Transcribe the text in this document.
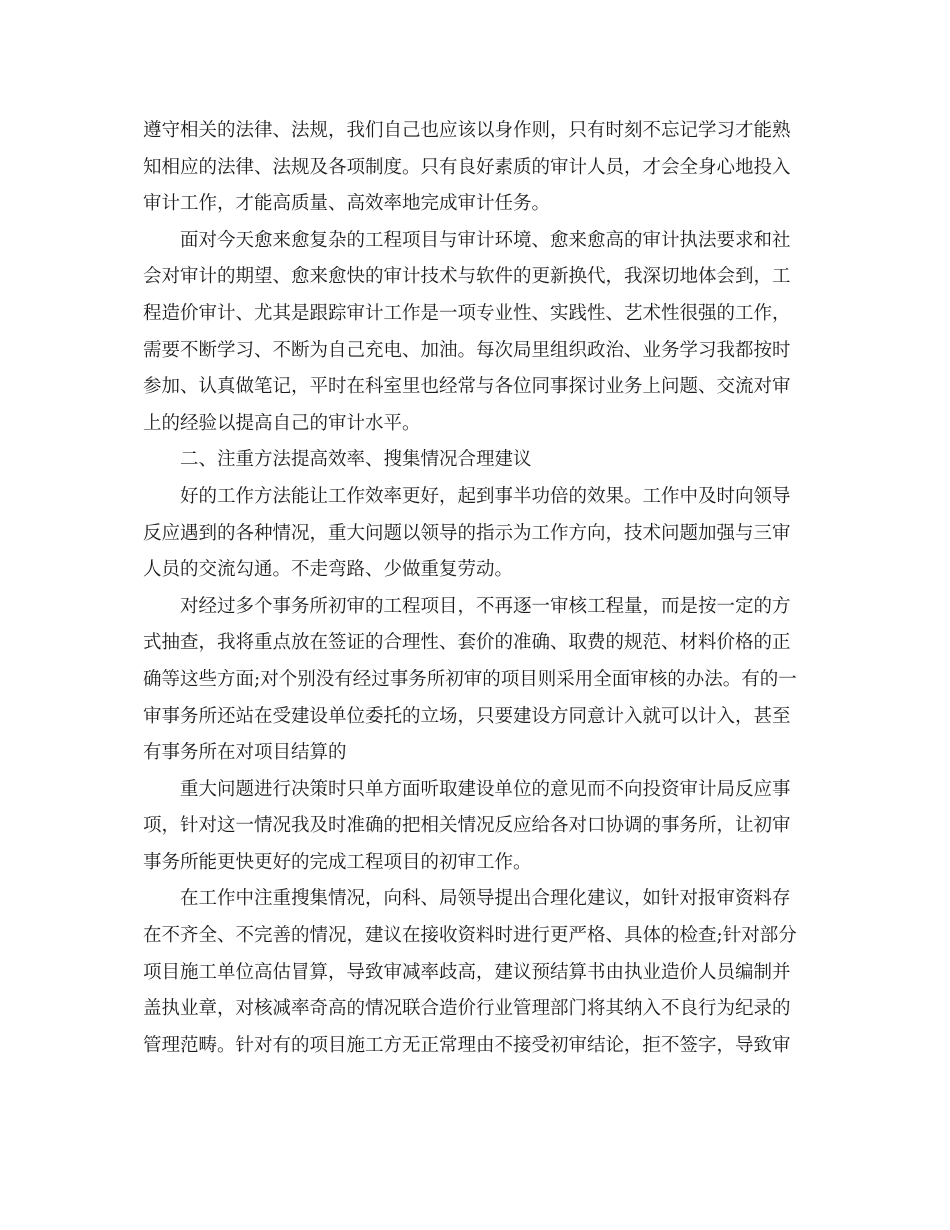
遵守相关的法律、法规，我们自己也应该以身作则，只有时刻不忘记学习才能熟
知相应的法律、法规及各项制度。只有良好素质的审计人员，才会全身心地投入
审计工作，才能高质量、高效率地完成审计任务。
面对今天愈来愈复杂的工程项目与审计环境、愈来愈高的审计执法要求和社
会对审计的期望、愈来愈快的审计技术与软件的更新换代，我深切地体会到，工
程造价审计、尤其是跟踪审计工作是一项专业性、实践性、艺术性很强的工作，
需要不断学习、不断为自己充电、加油。每次局里组织政治、业务学习我都按时
参加、认真做笔记，平时在科室里也经常与各位同事探讨业务上问题、交流对审
上的经验以提高自己的审计水平。
二、注重方法提高效率、搜集情况合理建议
好的工作方法能让工作效率更好，起到事半功倍的效果。工作中及时向领导
反应遇到的各种情况，重大问题以领导的指示为工作方向，技术问题加强与三审
人员的交流勾通。不走弯路、少做重复劳动。
对经过多个事务所初审的工程项目，不再逐一审核工程量，而是按一定的方
式抽查，我将重点放在签证的合理性、套价的准确、取费的规范、材料价格的正
确等这些方面;对个别没有经过事务所初审的项目则采用全面审核的办法。有的一
审事务所还站在受建设单位委托的立场，只要建设方同意计入就可以计入，甚至
有事务所在对项目结算的
重大问题进行决策时只单方面听取建设单位的意见而不向投资审计局反应事
项，针对这一情况我及时准确的把相关情况反应给各对口协调的事务所，让初审
事务所能更快更好的完成工程项目的初审工作。
在工作中注重搜集情况，向科、局领导提出合理化建议，如针对报审资料存
在不齐全、不完善的情况，建议在接收资料时进行更严格、具体的检查;针对部分
项目施工单位高估冒算，导致审减率歧高，建议预结算书由执业造价人员编制并
盖执业章，对核减率奇高的情况联合造价行业管理部门将其纳入不良行为纪录的
管理范畴。针对有的项目施工方无正常理由不接受初审结论，拒不签字，导致审
